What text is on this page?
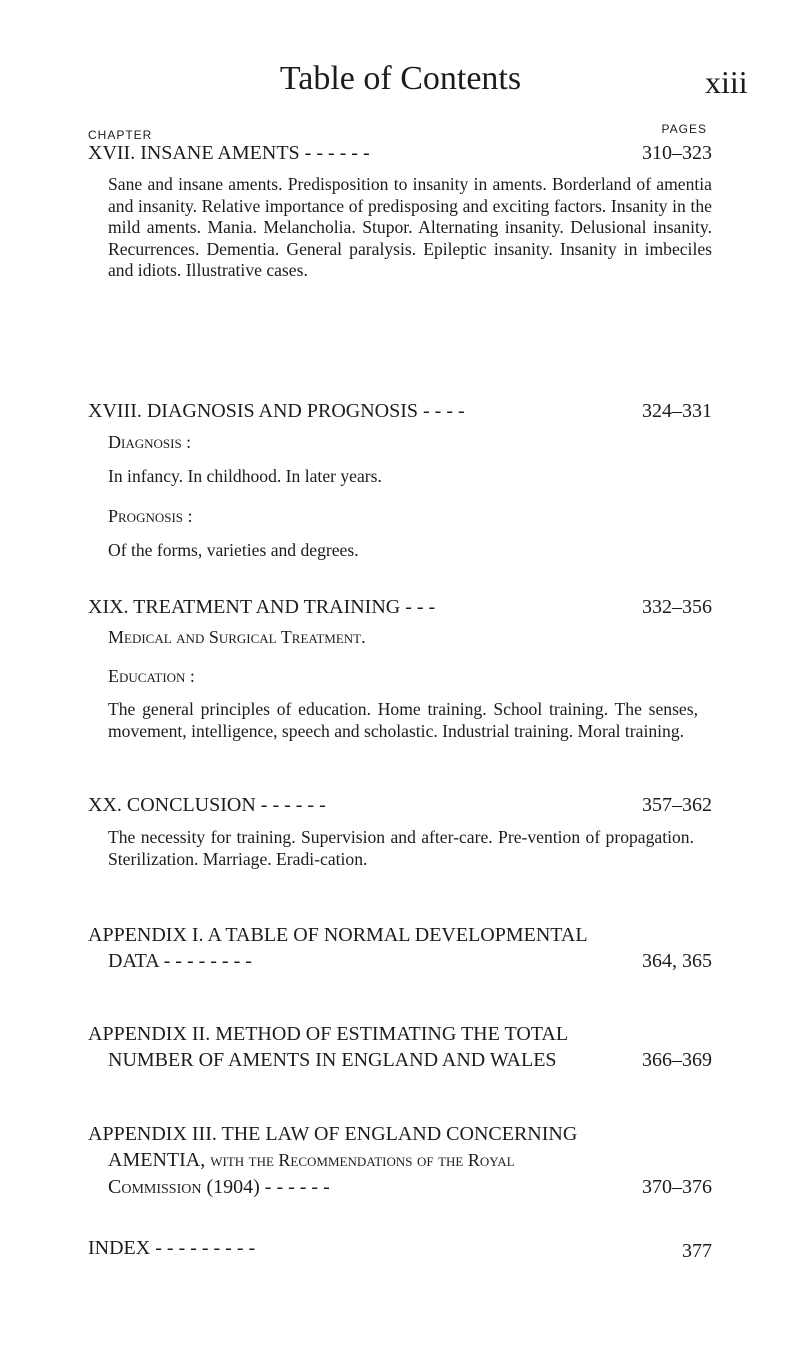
Table of Contents	xiii
CHAPTER	PAGES
XVII. INSANE AMENTS - - - - - -	310–323
Sane and insane aments. Predisposition to insanity in aments. Borderland of amentia and insanity. Relative importance of predisposing and exciting factors. Insanity in the mild aments. Mania. Melancholia. Stupor. Alternating insanity. Delusional insanity. Recurrences. Dementia. General paralysis. Epileptic insanity. Insanity in imbeciles and idiots. Illustrative cases.
XVIII. DIAGNOSIS AND PROGNOSIS - - - -	324–331
Diagnosis :
In infancy. In childhood. In later years.
Prognosis :
Of the forms, varieties and degrees.
XIX. TREATMENT AND TRAINING - - -	332–356
Medical and Surgical Treatment.
Education :
The general principles of education. Home training. School training. The senses, movement, intelligence, speech and scholastic. Industrial training. Moral training.
XX. CONCLUSION - - - - - -	357–362
The necessity for training. Supervision and after-care. Pre-vention of propagation. Sterilization. Marriage. Eradi-cation.
APPENDIX I. A TABLE OF NORMAL DEVELOPMENTAL
DATA - - - - - - - -	364, 365
APPENDIX II. METHOD OF ESTIMATING THE TOTAL
NUMBER OF AMENTS IN ENGLAND AND WALES	366–369
APPENDIX III. THE LAW OF ENGLAND CONCERNING
AMENTIA, with the Recommendations of the Royal
Commission (1904) - - - - - -	370–376
INDEX - - - - - - - - -	377
